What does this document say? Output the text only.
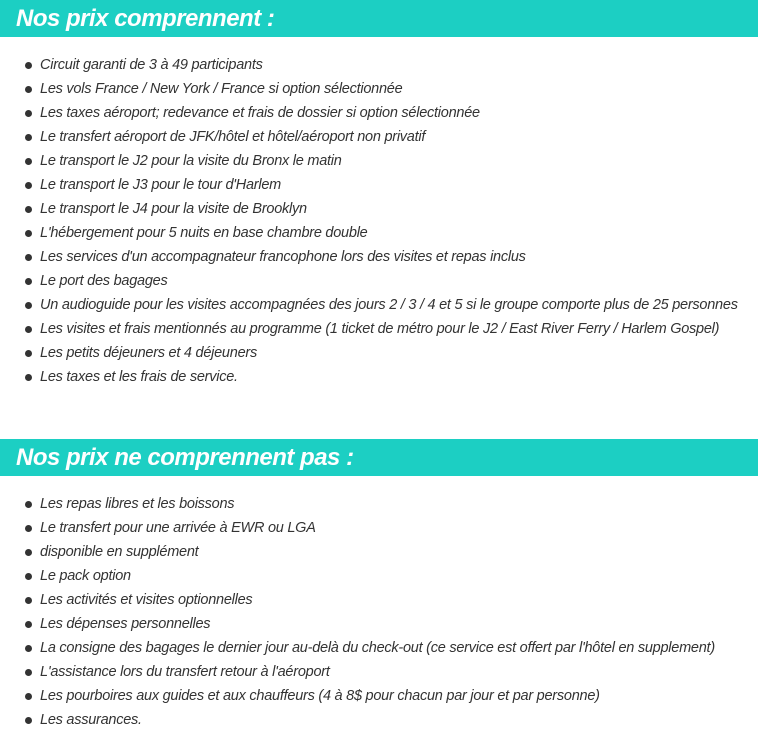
Nos prix comprennent :
Circuit garanti de 3 à 49 participants
Les vols France / New York / France si option sélectionnée
Les taxes aéroport; redevance et frais de dossier si option sélectionnée
Le transfert aéroport de JFK/hôtel et hôtel/aéroport non privatif
Le transport le J2 pour la visite du Bronx le matin
Le transport le J3 pour le tour d'Harlem
Le transport le J4 pour la visite de Brooklyn
L'hébergement pour 5 nuits en base chambre double
Les services d'un accompagnateur francophone lors des visites et repas inclus
Le port des bagages
Un audioguide pour les visites accompagnées des jours 2 / 3 / 4 et 5 si le groupe comporte plus de 25 personnes
Les visites et frais mentionnés au programme (1 ticket de métro pour le J2 / East River Ferry / Harlem Gospel)
Les petits déjeuners et 4 déjeuners
Les taxes et les frais de service.
Nos prix ne comprennent pas :
Les repas libres et les boissons
Le transfert pour une arrivée à EWR ou LGA
disponible en supplément
Le pack option
Les activités et visites optionnelles
Les dépenses personnelles
La consigne des bagages le dernier jour au-delà du check-out (ce service est offert par l'hôtel en supplement)
L'assistance lors du transfert retour à l'aéroport
Les pourboires aux guides et aux chauffeurs (4 à 8$ pour chacun par jour et par personne)
Les assurances.
